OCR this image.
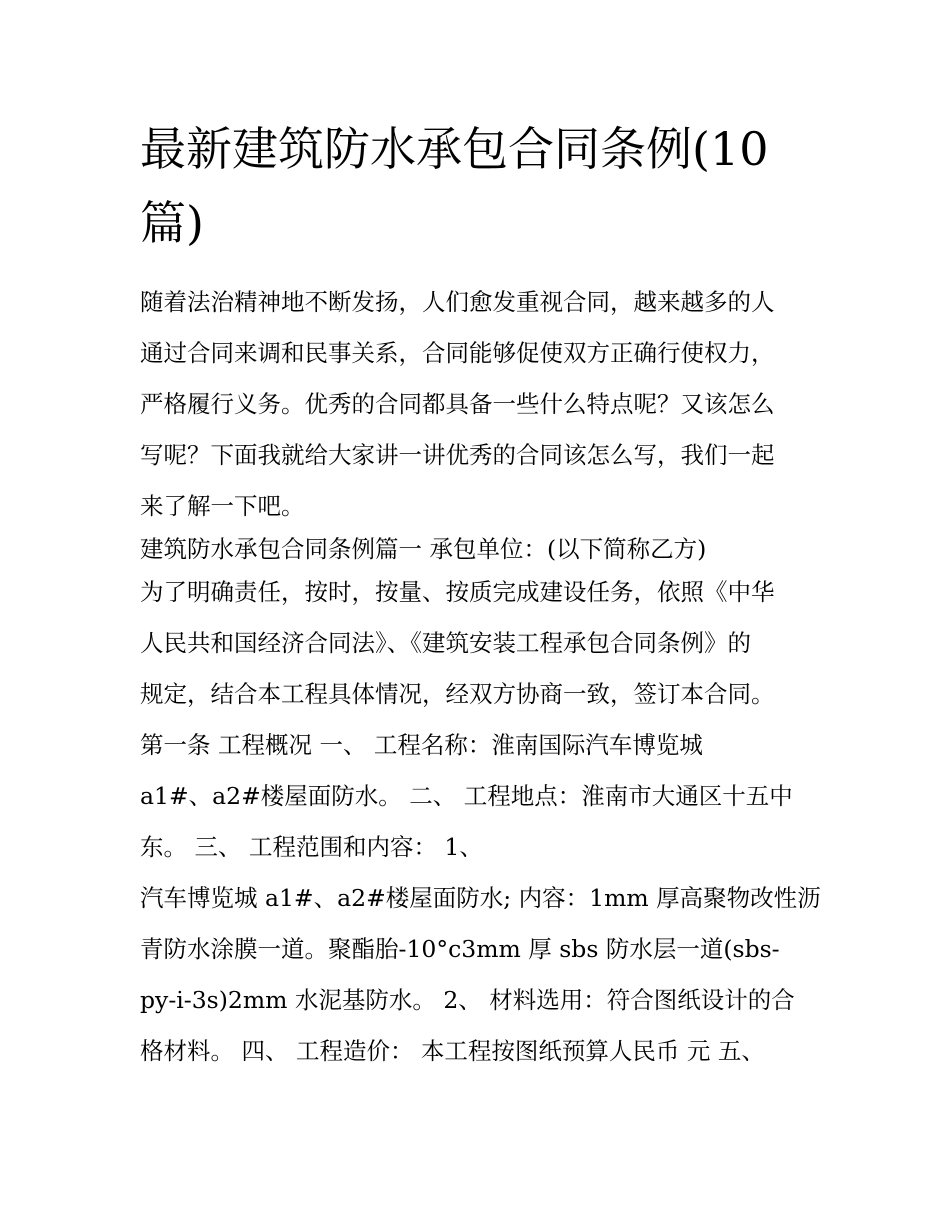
最新建筑防水承包合同条例(10
篇)
随着法治精神地不断发扬，人们愈发重视合同，越来越多的人
通过合同来调和民事关系，合同能够促使双方正确行使权力，
严格履行义务。优秀的合同都具备一些什么特点呢？又该怎么
写呢？下面我就给大家讲一讲优秀的合同该怎么写，我们一起
来了解一下吧。
建筑防水承包合同条例篇一 承包单位：(以下简称乙方)
为了明确责任，按时，按量、按质完成建设任务，依照《中华
人民共和国经济合同法》、《建筑安装工程承包合同条例》的
规定，结合本工程具体情况，经双方协商一致，签订本合同。
第一条 工程概况 一、 工程名称：淮南国际汽车博览城
a1#、a2#楼屋面防水。 二、 工程地点：淮南市大通区十五中
东。 三、 工程范围和内容： 1、
汽车博览城 a1#、a2#楼屋面防水; 内容：1mm 厚高聚物改性沥
青防水涂膜一道。聚酯胎-10°c3mm 厚 sbs 防水层一道(sbs-
py-i-3s)2mm 水泥基防水。 2、 材料选用：符合图纸设计的合
格材料。 四、 工程造价： 本工程按图纸预算人民币 元 五、
